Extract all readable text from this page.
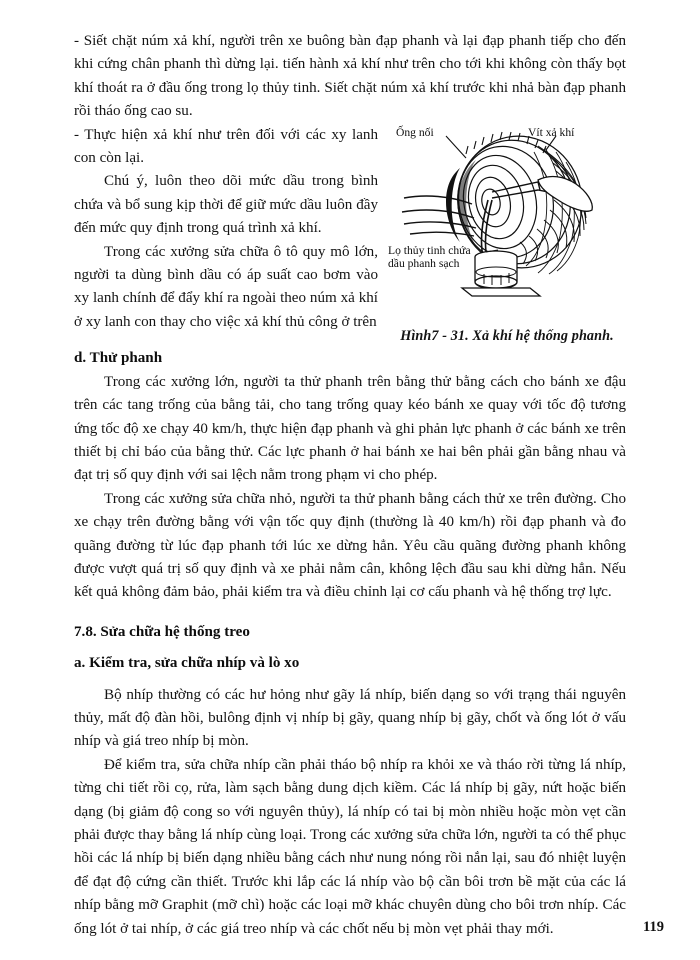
- Siết chặt núm xả khí, người trên xe buông bàn đạp phanh và lại đạp phanh tiếp cho đến khi cứng chân phanh thì dừng lại. tiến hành xả khí như trên cho tới khi không còn thấy bọt khí thoát ra ở đầu ống trong lọ thủy tinh. Siết chặt núm xả khí trước khi nhả bàn đạp phanh rồi tháo ống cao su.

Ống nối	Vít xả khí
Lọ thủy tinh chứa
dầu phanh sạch
Hình7 - 31. Xả khí hệ thống phanh.

- Thực hiện xả khí như trên đối với các xy lanh con còn lại.

Chú ý, luôn theo dõi mức dầu trong bình chứa và bổ sung kịp thời để giữ mức dầu luôn đầy đến mức quy định trong quá trình xả khí.

Trong các xưởng sửa chữa ô tô quy mô lớn, người ta dùng bình dầu có áp suất cao bơm vào xy lanh chính để đẩy khí ra ngoài theo núm xả khí ở xy lanh con thay cho việc xả khí thủ công ở trên

d. Thử phanh

Trong các xưởng lớn, người ta thử phanh trên bằng thử bằng cách cho bánh xe đậu trên các tang trống của bằng tải, cho tang trống quay kéo bánh xe quay với tốc độ tương ứng tốc độ xe chạy 40 km/h, thực hiện đạp phanh và ghi phản lực phanh ở các bánh xe trên thiết bị chỉ báo của bằng thử. Các lực phanh ở hai bánh xe hai bên phải gần bằng nhau và đạt trị số quy định với sai lệch nằm trong phạm vi cho phép.

Trong các xưởng sửa chữa nhỏ, người ta thử phanh bằng cách thử xe trên đường. Cho xe chạy trên đường bằng với vận tốc quy định (thường là 40 km/h) rồi đạp phanh và đo quãng đường từ lúc đạp phanh tới lúc xe dừng hẳn. Yêu cầu quãng đường phanh không được vượt quá trị số quy định và xe phải nằm cân, không lệch đầu sau khi dừng hẳn. Nếu kết quả không đảm bảo, phải kiểm tra và điều chỉnh lại cơ cấu phanh và hệ thống trợ lực.

7.8. Sửa chữa hệ thống treo
a. Kiểm tra, sửa chữa nhíp và lò xo

Bộ nhíp thường có các hư hỏng như gãy lá nhíp, biến dạng so với trạng thái nguyên thủy, mất độ đàn hồi, bulông định vị nhíp bị gãy, quang nhíp bị gãy, chốt và ống lót ở vấu nhíp và giá treo nhíp bị mòn.

Để kiểm tra, sửa chữa nhíp cần phải tháo bộ nhíp ra khỏi xe và tháo rời từng lá nhíp, từng chi tiết rồi cọ, rửa, làm sạch bằng dung dịch kiềm. Các lá nhíp bị gãy, nứt hoặc biến dạng (bị giảm độ cong so với nguyên thủy), lá nhíp có tai bị mòn nhiều hoặc mòn vẹt cần phải được thay bằng lá nhíp cùng loại. Trong các xưởng sửa chữa lớn, người ta có thể phục hồi các lá nhíp bị biến dạng nhiều bằng cách như nung nóng rồi nắn lại, sau đó nhiệt luyện để đạt độ cứng cần thiết. Trước khi lắp các lá nhíp vào bộ cần bôi trơn bề mặt của các lá nhíp bằng mỡ Graphit (mỡ chì) hoặc các loại mỡ khác chuyên dùng cho bôi trơn nhíp. Các ống lót ở tai nhíp, ở các giá treo nhíp và các chốt nếu bị mòn vẹt phải thay mới.	119
